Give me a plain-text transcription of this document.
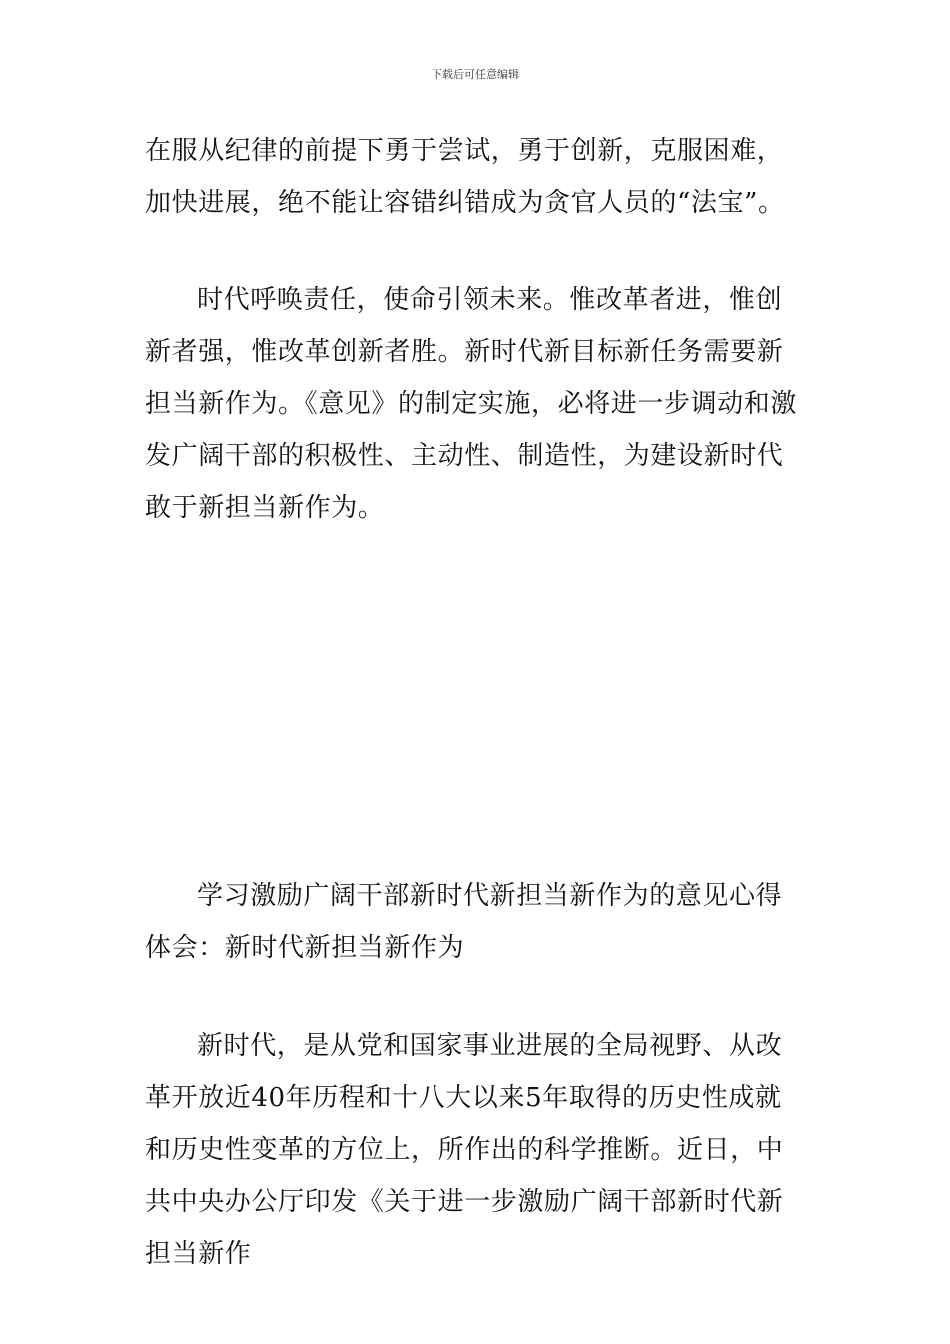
下载后可任意编辑

在服从纪律的前提下勇于尝试，勇于创新，克服困难，加快进展，绝不能让容错纠错成为贪官人员的“法宝”。

时代呼唤责任，使命引领未来。惟改革者进，惟创新者强，惟改革创新者胜。新时代新目标新任务需要新担当新作为。《意见》的制定实施，必将进一步调动和激发广阔干部的积极性、主动性、制造性，为建设新时代敢于新担当新作为。

学习激励广阔干部新时代新担当新作为的意见心得体会：新时代新担当新作为

新时代，是从党和国家事业进展的全局视野、从改革开放近40年历程和十八大以来5年取得的历史性成就和历史性变革的方位上，所作出的科学推断。近日，中共中央办公厅印发《关于进一步激励广阔干部新时代新担当新作
